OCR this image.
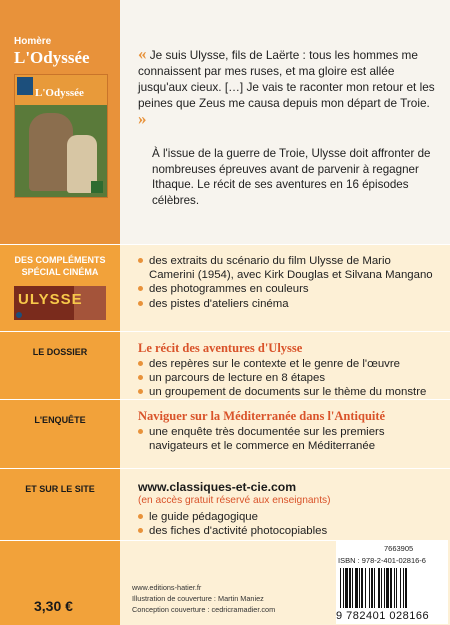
Homère
L'Odyssée
L'Odyssée
« Je suis Ulysse, fils de Laërte : tous les hommes me connaissent par mes ruses, et ma gloire est allée jusqu'aux cieux. […] Je vais te raconter mon retour et les peines que Zeus me causa depuis mon départ de Troie. »
À l'issue de la guerre de Troie, Ulysse doit affronter de nombreuses épreuves avant de parvenir à regagner Ithaque. Le récit de ses aventures en 16 épisodes célèbres.
DES COMPLÉMENTS
SPÉCIAL CINÉMA
ULYSSE
des extraits du scénario du film Ulysse de Mario Camerini (1954), avec Kirk Douglas et Silvana Mangano
des photogrammes en couleurs
des pistes d'ateliers cinéma
LE DOSSIER	Le récit des aventures d'Ulysse
des repères sur le contexte et le genre de l'œuvre
un parcours de lecture en 8 étapes
un groupement de documents sur le thème du monstre
L'ENQUÊTE	Naviguer sur la Méditerranée dans l'Antiquité
une enquête très documentée sur les premiers navigateurs et le commerce en Méditerranée
ET SUR LE SITE	www.classiques-et-cie.com
(en accès gratuit réservé aux enseignants)
le guide pédagogique
des fiches d'activité photocopiables
3,30 €
www.editions-hatier.fr
Illustration de couverture : Martin Maniez
Conception couverture : cedricramadier.com
7663905
ISBN : 978-2-401-02816-6
9 782401 028166
